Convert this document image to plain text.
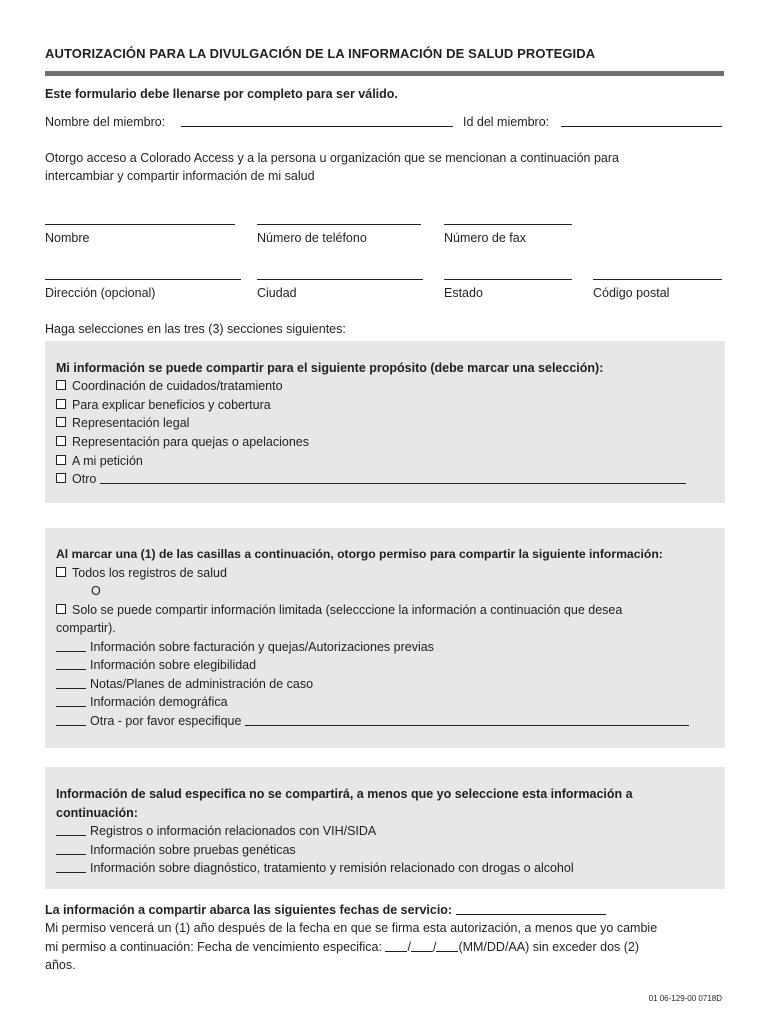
AUTORIZACIÓN PARA LA DIVULGACIÓN DE LA INFORMACIÓN DE SALUD PROTEGIDA
Este formulario debe llenarse por completo para ser válido.
Nombre del miembro:	Id del miembro:
Otorgo acceso a Colorado Access y a la persona u organización que se mencionan a continuación para
intercambiar y compartir información de mi salud
Nombre	Número de teléfono	Número de fax
Dirección (opcional)	Ciudad	Estado	Código postal
Haga selecciones en las tres (3) secciones siguientes:
Mi información se puede compartir para el siguiente propósito (debe marcar una selección):
Coordinación de cuidados/tratamiento
Para explicar beneficios y cobertura
Representación legal
Representación para quejas o apelaciones
A mi petición
Otro
Al marcar una (1) de las casillas a continuación, otorgo permiso para compartir la siguiente información:
Todos los registros de salud
O
Solo se puede compartir información limitada (selecccione la información a continuación que desea
compartir).
Información sobre facturación y quejas/Autorizaciones previas
Información sobre elegibilidad
Notas/Planes de administración de caso
Información demográfica
Otra - por favor especifique
Información de salud especifica no se compartirá, a menos que yo seleccione esta información a
continuación:
Registros o información relacionados con VIH/SIDA
Información sobre pruebas genéticas
Información sobre diagnóstico, tratamiento y remisión relacionado con drogas o alcohol
La información a compartir abarca las siguientes fechas de servicio:
Mi permiso vencerá un (1) año después de la fecha en que se firma esta autorización, a menos que yo cambie
mi permiso a continuación: Fecha de vencimiento especifica: / / (MM/DD/AA) sin exceder dos (2)
años.
01 06-129-00 0718D
